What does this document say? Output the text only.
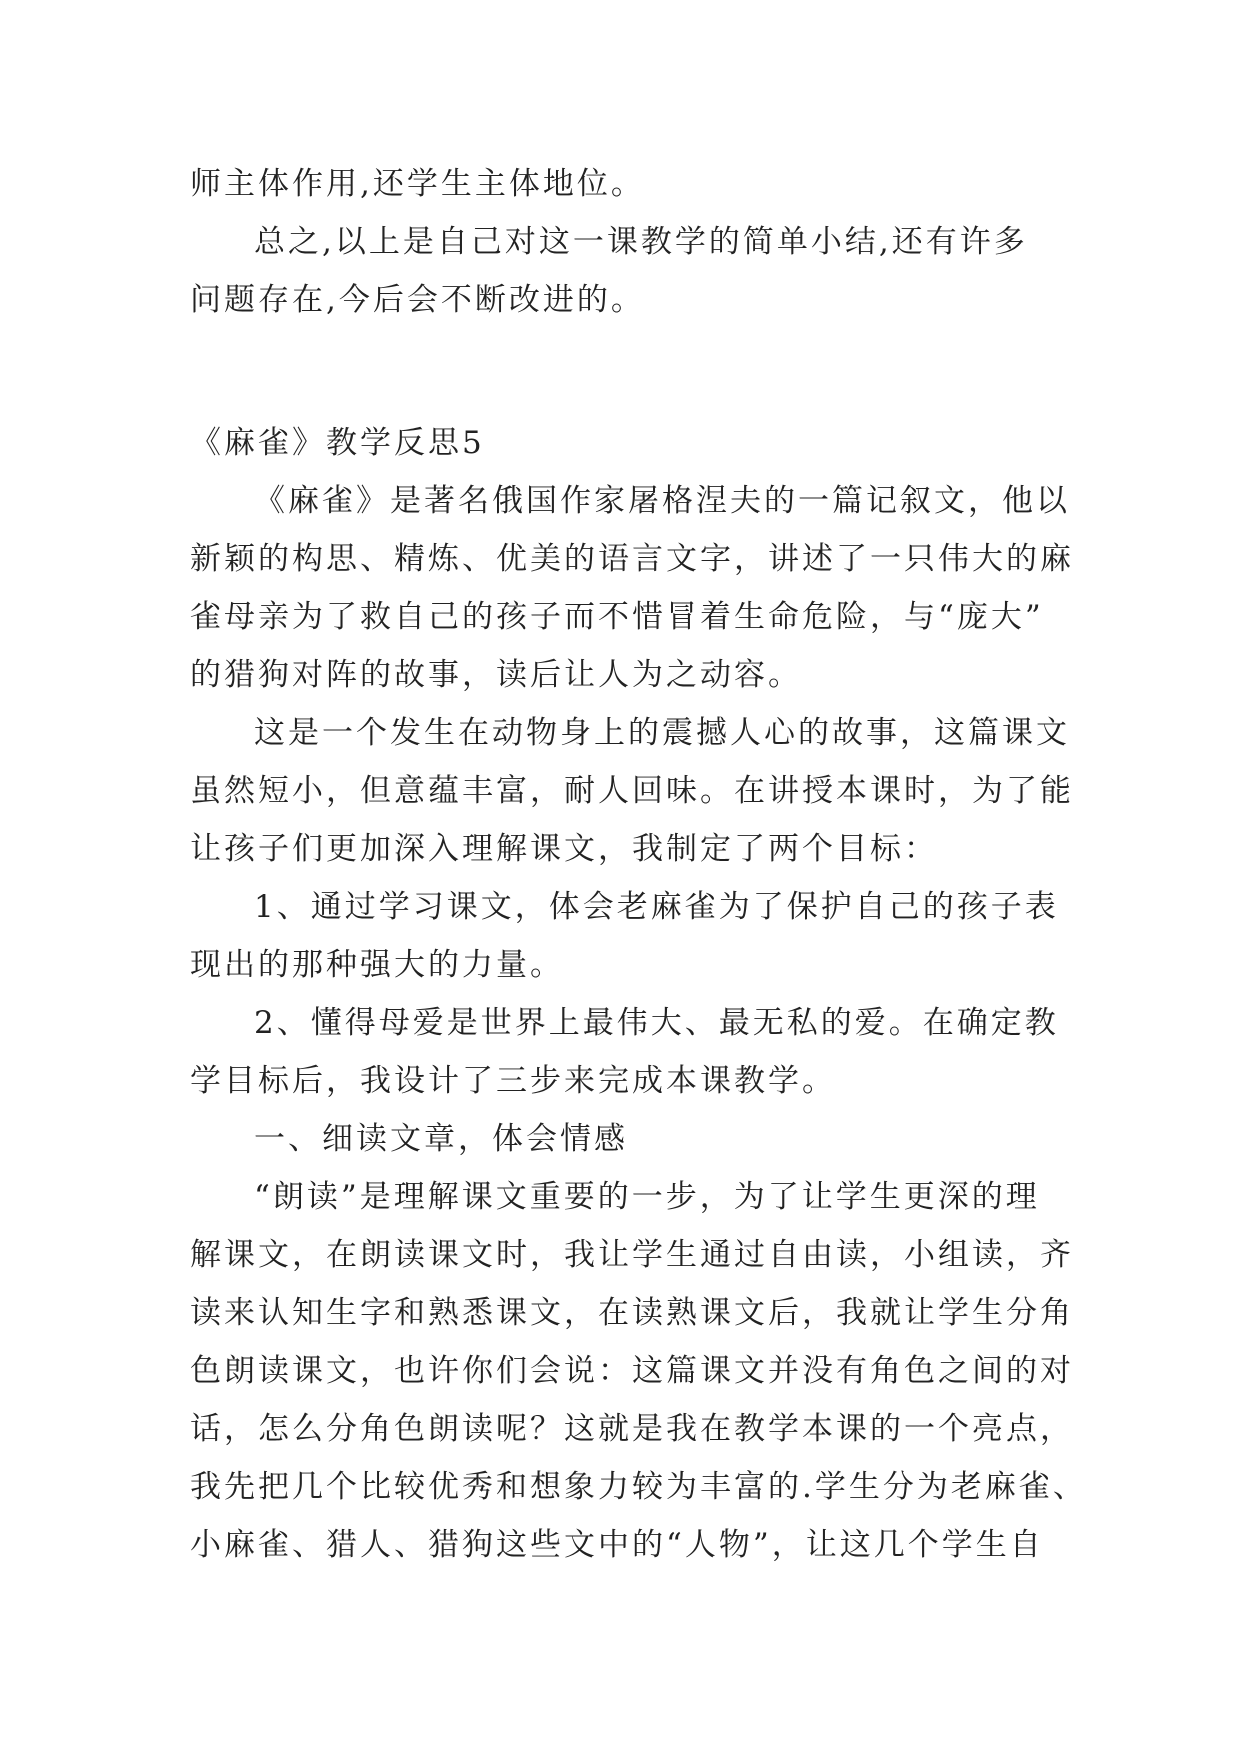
师主体作用,还学生主体地位。
总之,以上是自己对这一课教学的简单小结,还有许多
问题存在,今后会不断改进的。
《麻雀》教学反思5
《麻雀》是著名俄国作家屠格涅夫的一篇记叙文，他以
新颖的构思、精炼、优美的语言文字，讲述了一只伟大的麻
雀母亲为了救自己的孩子而不惜冒着生命危险，与“庞大”
的猎狗对阵的故事，读后让人为之动容。
这是一个发生在动物身上的震撼人心的故事，这篇课文
虽然短小，但意蕴丰富，耐人回味。在讲授本课时，为了能
让孩子们更加深入理解课文，我制定了两个目标：
1、通过学习课文，体会老麻雀为了保护自己的孩子表
现出的那种强大的力量。
2、懂得母爱是世界上最伟大、最无私的爱。在确定教
学目标后，我设计了三步来完成本课教学。
一、细读文章，体会情感
“朗读”是理解课文重要的一步，为了让学生更深的理
解课文，在朗读课文时，我让学生通过自由读，小组读，齐
读来认知生字和熟悉课文，在读熟课文后，我就让学生分角
色朗读课文，也许你们会说：这篇课文并没有角色之间的对
话，怎么分角色朗读呢？这就是我在教学本课的一个亮点，
我先把几个比较优秀和想象力较为丰富的.学生分为老麻雀、
小麻雀、猎人、猎狗这些文中的“人物”，让这几个学生自
